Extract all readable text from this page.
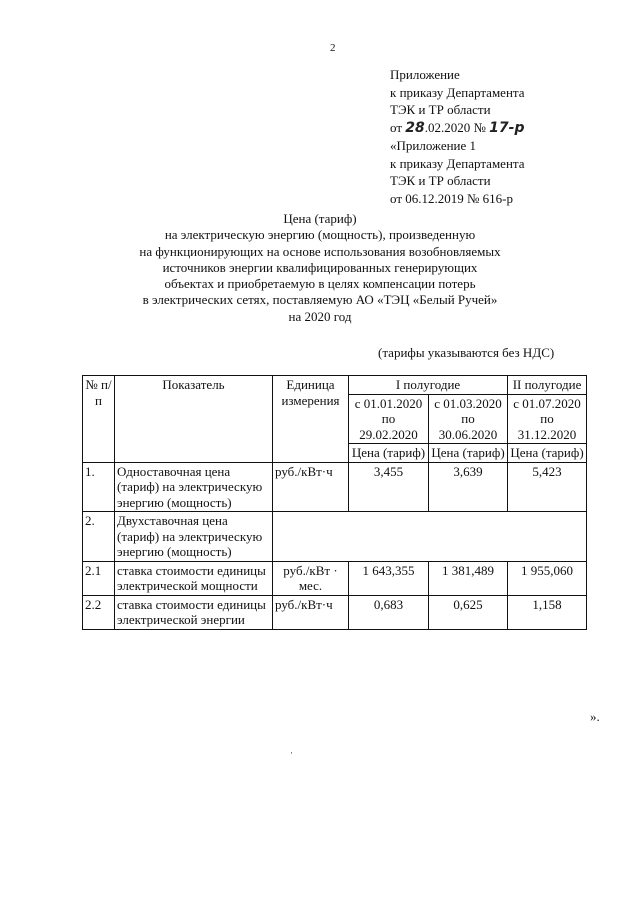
2
Приложение
к приказу Департамента
ТЭК и ТР области
от 28.02.2020 № 17-р
«Приложение 1
к приказу Департамента
ТЭК и ТР области
от 06.12.2019 № 616-р
Цена (тариф)
на электрическую энергию (мощность), произведенную
на функционирующих на основе использования возобновляемых
источников энергии квалифицированных генерирующих
объектах и приобретаемую в целях компенсации потерь
в электрических сетях, поставляемую АО «ТЭЦ «Белый Ручей»
на 2020 год
(тарифы указываются без НДС)
№ п/п	Показатель	Единица измерения	I полугодие		II полугодие
			с 01.01.2020 по 29.02.2020	с 01.03.2020 по 30.06.2020	с 01.07.2020 по 31.12.2020
			Цена (тариф)	Цена (тариф)	Цена (тариф)
1.	Одноставочная цена (тариф) на электрическую энергию (мощность)	руб./кВт·ч	3,455	3,639	5,423
2.	Двухставочная цена (тариф) на электрическую энергию (мощность)				
2.1	ставка стоимости единицы электрической мощности	руб./кВт · мес.	1 643,355	1 381,489	1 955,060
2.2	ставка стоимости единицы электрической энергии	руб./кВт·ч	0,683	0,625	1,158
».
·
